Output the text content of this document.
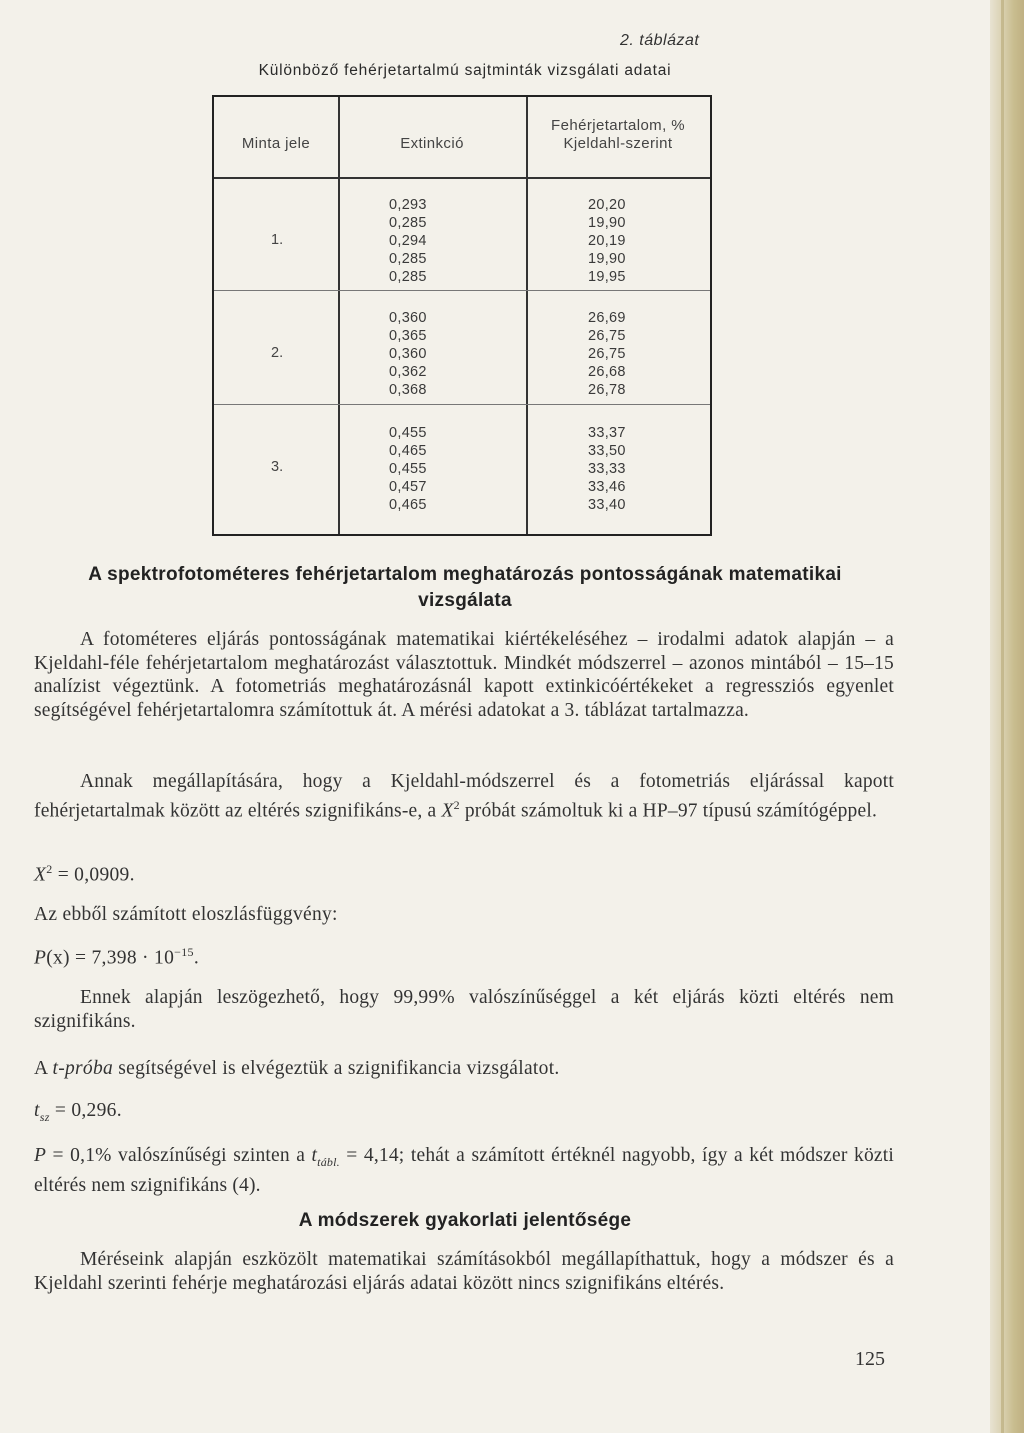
2. táblázat
Különböző fehérjetartalmú sajtminták vizsgálati adatai
Minta jele	Extinkció
Fehérjetartalom, %
Kjeldahl-szerint
1.
0,293
0,285
0,294
0,285
0,285
20,20
19,90
20,19
19,90
19,95
2.
0,360
0,365
0,360
0,362
0,368
26,69
26,75
26,75
26,68
26,78
3.
0,455
0,465
0,455
0,457
0,465
33,37
33,50
33,33
33,46
33,40
A spektrofotométeres fehérjetartalom meghatározás pontosságának matematikai
vizsgálata
A fotométeres eljárás pontosságának matematikai kiértékeléséhez – irodalmi adatok alapján – a Kjeldahl-féle fehérjetartalom meghatározást választottuk. Mindkét módszerrel – azonos mintából – 15–15 analízist végeztünk. A fotometriás meghatározásnál kapott extinkicóértékeket a regressziós egyenlet segítségével fehérjetartalomra számítottuk át. A mérési adatokat a 3. táblázat tartalmazza.
Annak megállapítására, hogy a Kjeldahl-módszerrel és a fotometriás eljárással kapott fehérjetartalmak között az eltérés szignifikáns-e, a $X^2$ próbát számoltuk ki a HP–97 típusú számítógéppel.
$X^2 = 0,0909$.
Az ebből számított eloszlásfüggvény:
$P(x) = 7,398 \cdot 10^{-15}$.
Ennek alapján leszögezhető, hogy 99,99% valószínűséggel a két eljárás közti eltérés nem szignifikáns.
A t-próba segítségével is elvégeztük a szignifikancia vizsgálatot.
$t_{sz} = 0,296$.
P = 0,1% valószínűségi szinten a $t_{tábl.} = 4,14$; tehát a számított értéknél nagyobb, így a két módszer közti eltérés nem szignifikáns (4).
A módszerek gyakorlati jelentősége
Méréseink alapján eszközölt matematikai számításokból megállapíthattuk, hogy a módszer és a Kjeldahl szerinti fehérje meghatározási eljárás adatai között nincs szignifikáns eltérés.
125
